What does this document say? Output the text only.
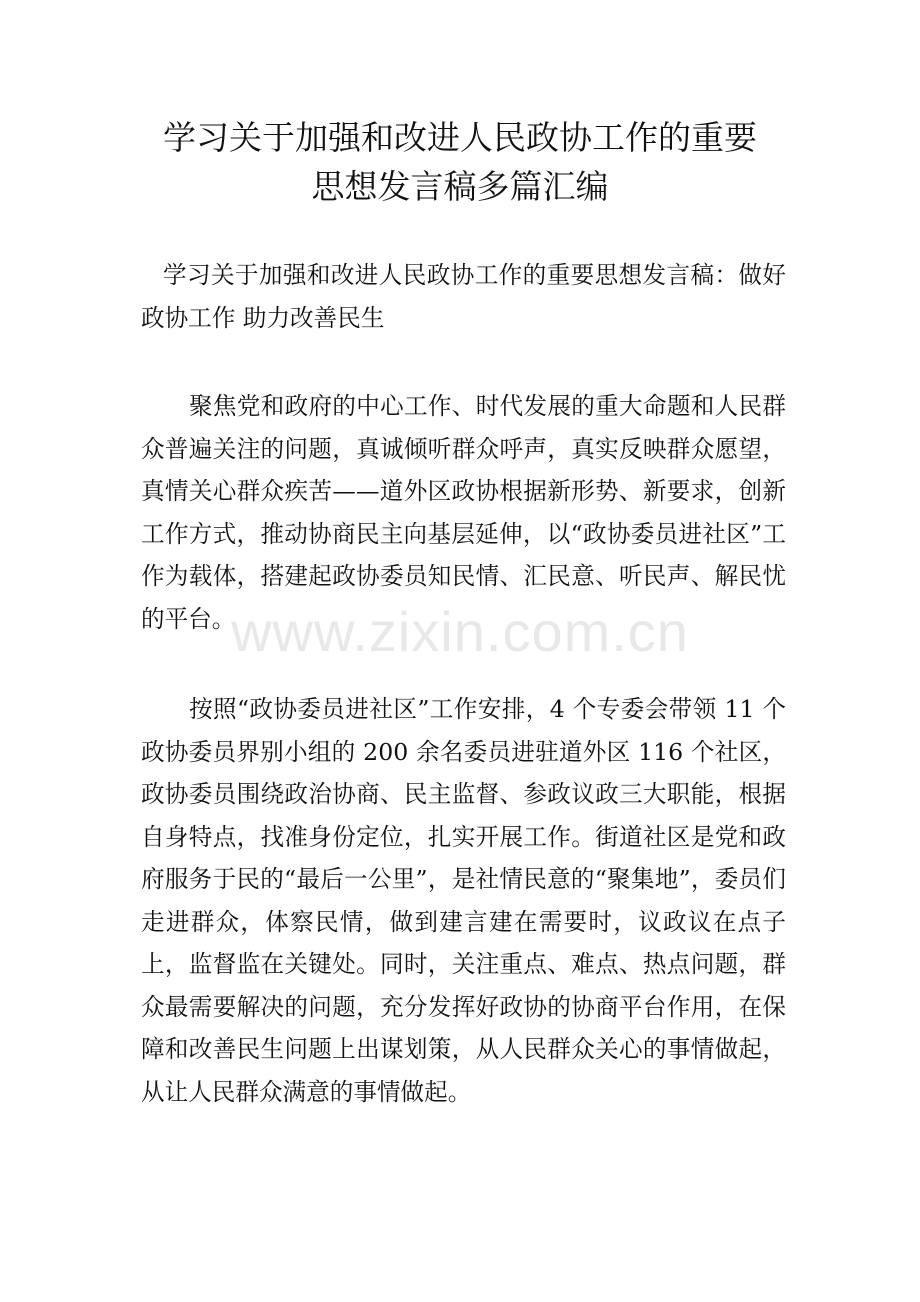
学习关于加强和改进人民政协工作的重要
思想发言稿多篇汇编

学习关于加强和改进人民政协工作的重要思想发言稿：做好政协工作 助力改善民生

聚焦党和政府的中心工作、时代发展的重大命题和人民群众普遍关注的问题，真诚倾听群众呼声，真实反映群众愿望，真情关心群众疾苦——道外区政协根据新形势、新要求，创新工作方式，推动协商民主向基层延伸，以“政协委员进社区”工作为载体，搭建起政协委员知民情、汇民意、听民声、解民忧的平台。

按照“政协委员进社区”工作安排，4 个专委会带领 11 个政协委员界别小组的 200 余名委员进驻道外区 116 个社区，政协委员围绕政治协商、民主监督、参政议政三大职能，根据自身特点，找准身份定位，扎实开展工作。街道社区是党和政府服务于民的“最后一公里”，是社情民意的“聚集地”，委员们走进群众，体察民情，做到建言建在需要时，议政议在点子上，监督监在关键处。同时，关注重点、难点、热点问题，群众最需要解决的问题，充分发挥好政协的协商平台作用，在保障和改善民生问题上出谋划策，从人民群众关心的事情做起，从让人民群众满意的事情做起。

www.zixin.com.cn
